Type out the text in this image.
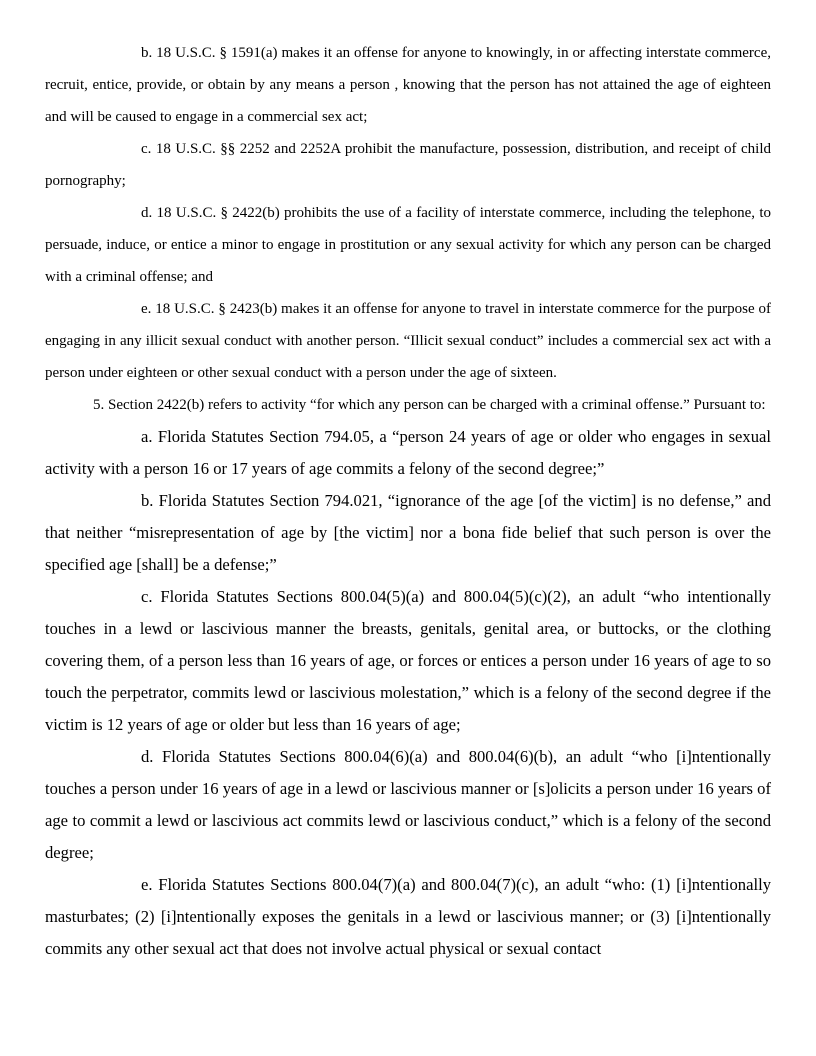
b. 18 U.S.C. § 1591(a) makes it an offense for anyone to knowingly, in or affecting interstate commerce, recruit, entice, provide, or obtain by any means a person , knowing that the person has not attained the age of eighteen and will be caused to engage in a commercial sex act;

c. 18 U.S.C. §§ 2252 and 2252A prohibit the manufacture, possession, distribution, and receipt of child pornography;

d. 18 U.S.C. § 2422(b) prohibits the use of a facility of interstate commerce, including the telephone, to persuade, induce, or entice a minor to engage in prostitution or any sexual activity for which any person can be charged with a criminal offense; and

e. 18 U.S.C. § 2423(b) makes it an offense for anyone to travel in interstate commerce for the purpose of engaging in any illicit sexual conduct with another person. “Illicit sexual conduct” includes a commercial sex act with a person under eighteen or other sexual conduct with a person under the age of sixteen.

5. Section 2422(b) refers to activity “for which any person can be charged with a criminal offense.” Pursuant to:

a. Florida Statutes Section 794.05, a “person 24 years of age or older who engages in sexual activity with a person 16 or 17 years of age commits a felony of the second degree;”

b. Florida Statutes Section 794.021, “ignorance of the age [of the victim] is no defense,” and that neither “misrepresentation of age by [the victim] nor a bona fide belief that such person is over the specified age [shall] be a defense;”

c. Florida Statutes Sections 800.04(5)(a) and 800.04(5)(c)(2), an adult “who intentionally touches in a lewd or lascivious manner the breasts, genitals, genital area, or buttocks, or the clothing covering them, of a person less than 16 years of age, or forces or entices a person under 16 years of age to so touch the perpetrator, commits lewd or lascivious molestation,” which is a felony of the second degree if the victim is 12 years of age or older but less than 16 years of age;

d. Florida Statutes Sections 800.04(6)(a) and 800.04(6)(b), an adult “who [i]ntentionally touches a person under 16 years of age in a lewd or lascivious manner or [s]olicits a person under 16 years of age to commit a lewd or lascivious act commits lewd or lascivious conduct,” which is a felony of the second degree;

e. Florida Statutes Sections 800.04(7)(a) and 800.04(7)(c), an adult “who: (1) [i]ntentionally masturbates; (2) [i]ntentionally exposes the genitals in a lewd or lascivious manner; or (3) [i]ntentionally commits any other sexual act that does not involve actual physical or sexual contact
